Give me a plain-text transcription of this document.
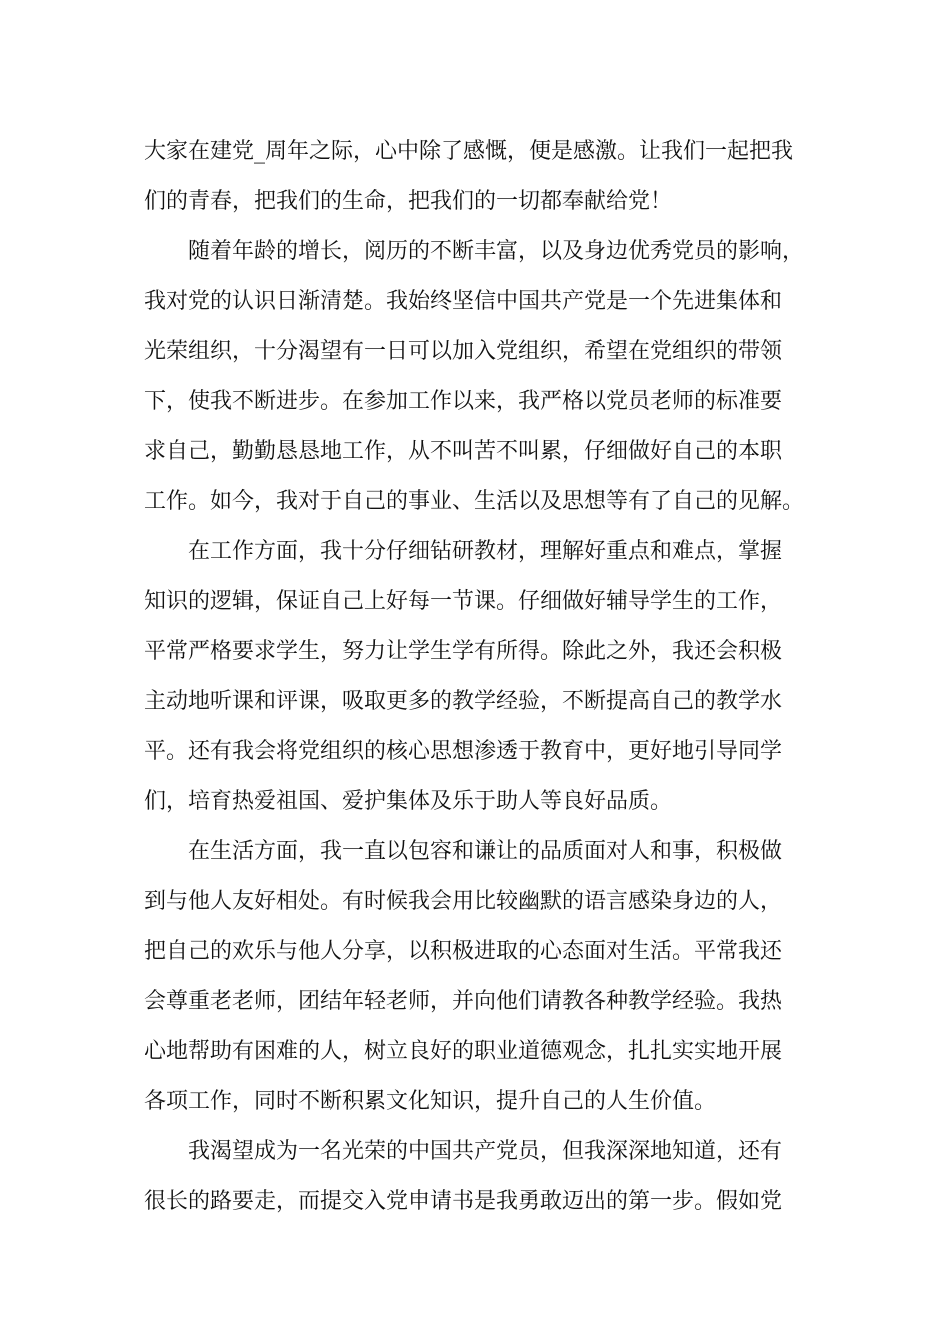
大家在建党_周年之际，心中除了感慨，便是感激。让我们一起把我
们的青春，把我们的生命，把我们的一切都奉献给党！
随着年龄的增长，阅历的不断丰富，以及身边优秀党员的影响，
我对党的认识日渐清楚。我始终坚信中国共产党是一个先进集体和
光荣组织，十分渴望有一日可以加入党组织，希望在党组织的带领
下，使我不断进步。在参加工作以来，我严格以党员老师的标准要
求自己，勤勤恳恳地工作，从不叫苦不叫累，仔细做好自己的本职
工作。如今，我对于自己的事业、生活以及思想等有了自己的见解。
在工作方面，我十分仔细钻研教材，理解好重点和难点，掌握
知识的逻辑，保证自己上好每一节课。仔细做好辅导学生的工作，
平常严格要求学生，努力让学生学有所得。除此之外，我还会积极
主动地听课和评课，吸取更多的教学经验，不断提高自己的教学水
平。还有我会将党组织的核心思想渗透于教育中，更好地引导同学
们，培育热爱祖国、爱护集体及乐于助人等良好品质。
在生活方面，我一直以包容和谦让的品质面对人和事，积极做
到与他人友好相处。有时候我会用比较幽默的语言感染身边的人，
把自己的欢乐与他人分享，以积极进取的心态面对生活。平常我还
会尊重老老师，团结年轻老师，并向他们请教各种教学经验。我热
心地帮助有困难的人，树立良好的职业道德观念，扎扎实实地开展
各项工作，同时不断积累文化知识，提升自己的人生价值。
我渴望成为一名光荣的中国共产党员，但我深深地知道，还有
很长的路要走，而提交入党申请书是我勇敢迈出的第一步。假如党
